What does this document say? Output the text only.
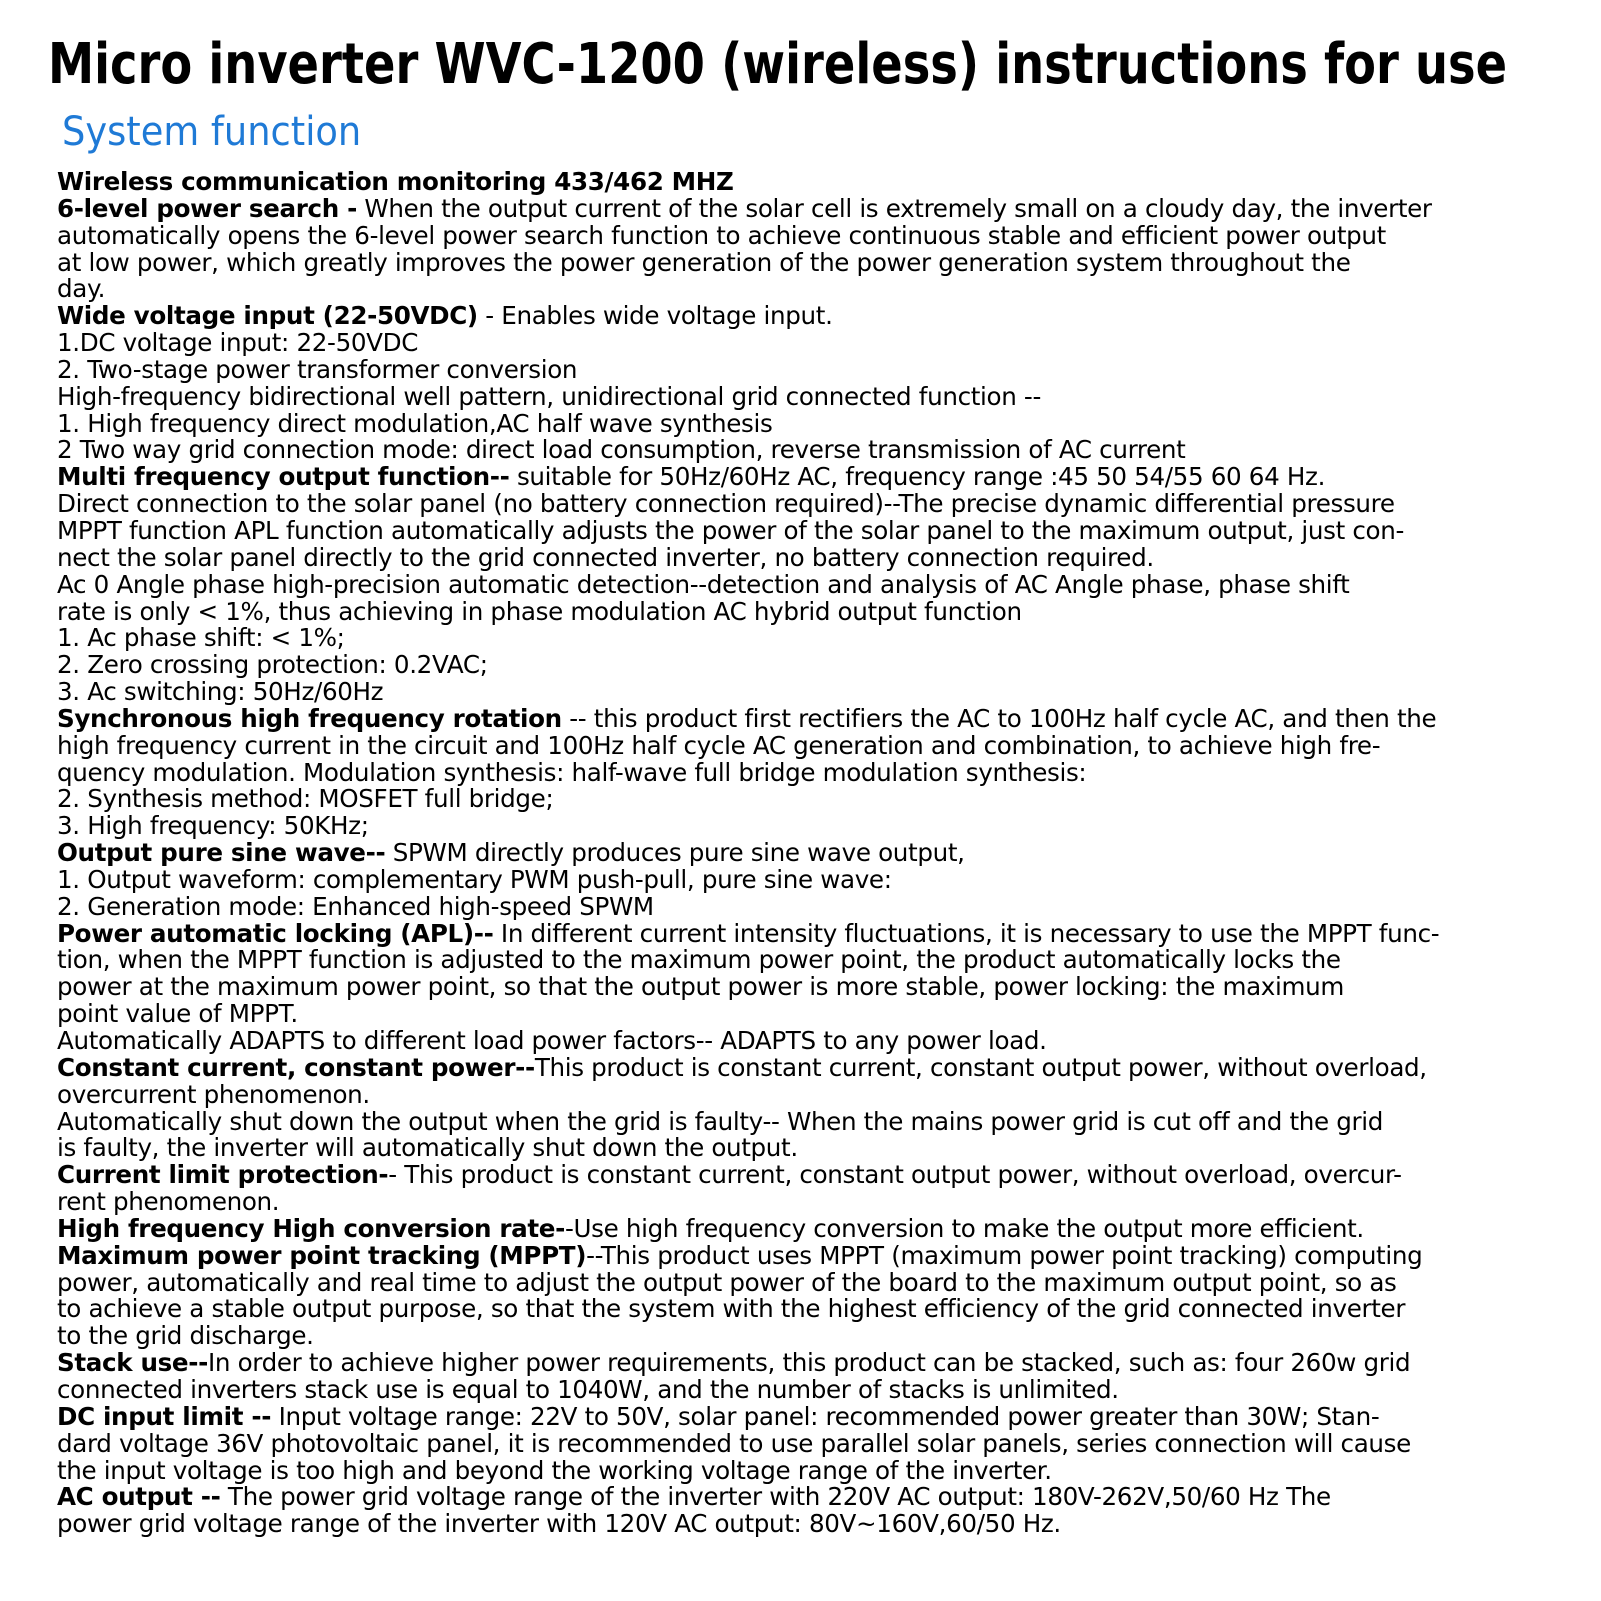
Micro inverter WVC-1200 (wireless) instructions for use
System function

Wireless communication monitoring 433/462 MHZ

6-level power search - When the output current of the solar cell is extremely small on a cloudy day, the inverter

automatically opens the 6-level power search function to achieve continuous stable and efficient power output

at low power, which greatly improves the power generation of the power generation system throughout the

day.

Wide voltage input (22-50VDC) - Enables wide voltage input.

1.DC voltage input: 22-50VDC

2. Two-stage power transformer conversion

High-frequency bidirectional well pattern, unidirectional grid connected function --

1. High frequency direct modulation,AC half wave synthesis

2 Two way grid connection mode: direct load consumption, reverse transmission of AC current

Multi frequency output function-- suitable for 50Hz/60Hz AC, frequency range :45 50 54/55 60 64 Hz.

Direct connection to the solar panel (no battery connection required)--The precise dynamic differential pressure

MPPT function APL function automatically adjusts the power of the solar panel to the maximum output, just con-

nect the solar panel directly to the grid connected inverter, no battery connection required.

Ac 0 Angle phase high-precision automatic detection--detection and analysis of AC Angle phase, phase shift

rate is only < 1%, thus achieving in phase modulation AC hybrid output function

1. Ac phase shift: < 1%;

2. Zero crossing protection: 0.2VAC;

3. Ac switching: 50Hz/60Hz

Synchronous high frequency rotation -- this product first rectifiers the AC to 100Hz half cycle AC, and then the

high frequency current in the circuit and 100Hz half cycle AC generation and combination, to achieve high fre-

quency modulation. Modulation synthesis: half-wave full bridge modulation synthesis:

2. Synthesis method: MOSFET full bridge;

3. High frequency: 50KHz;

Output pure sine wave-- SPWM directly produces pure sine wave output,

1. Output waveform: complementary PWM push-pull, pure sine wave:

2. Generation mode: Enhanced high-speed SPWM

Power automatic locking (APL)-- In different current intensity fluctuations, it is necessary to use the MPPT func-

tion, when the MPPT function is adjusted to the maximum power point, the product automatically locks the

power at the maximum power point, so that the output power is more stable, power locking: the maximum

point value of MPPT.

Automatically ADAPTS to different load power factors-- ADAPTS to any power load.

Constant current, constant power--This product is constant current, constant output power, without overload,

overcurrent phenomenon.

Automatically shut down the output when the grid is faulty-- When the mains power grid is cut off and the grid

is faulty, the inverter will automatically shut down the output.

Current limit protection-- This product is constant current, constant output power, without overload, overcur-

rent phenomenon.

High frequency High conversion rate--Use high frequency conversion to make the output more efficient.

Maximum power point tracking (MPPT)--This product uses MPPT (maximum power point tracking) computing

power, automatically and real time to adjust the output power of the board to the maximum output point, so as

to achieve a stable output purpose, so that the system with the highest efficiency of the grid connected inverter

to the grid discharge.

Stack use--In order to achieve higher power requirements, this product can be stacked, such as: four 260w grid

connected inverters stack use is equal to 1040W, and the number of stacks is unlimited.

DC input limit -- Input voltage range: 22V to 50V, solar panel: recommended power greater than 30W; Stan-

dard voltage 36V photovoltaic panel, it is recommended to use parallel solar panels, series connection will cause

the input voltage is too high and beyond the working voltage range of the inverter.

AC output -- The power grid voltage range of the inverter with 220V AC output: 180V-262V,50/60 Hz The

power grid voltage range of the inverter with 120V AC output: 80V~160V,60/50 Hz.
